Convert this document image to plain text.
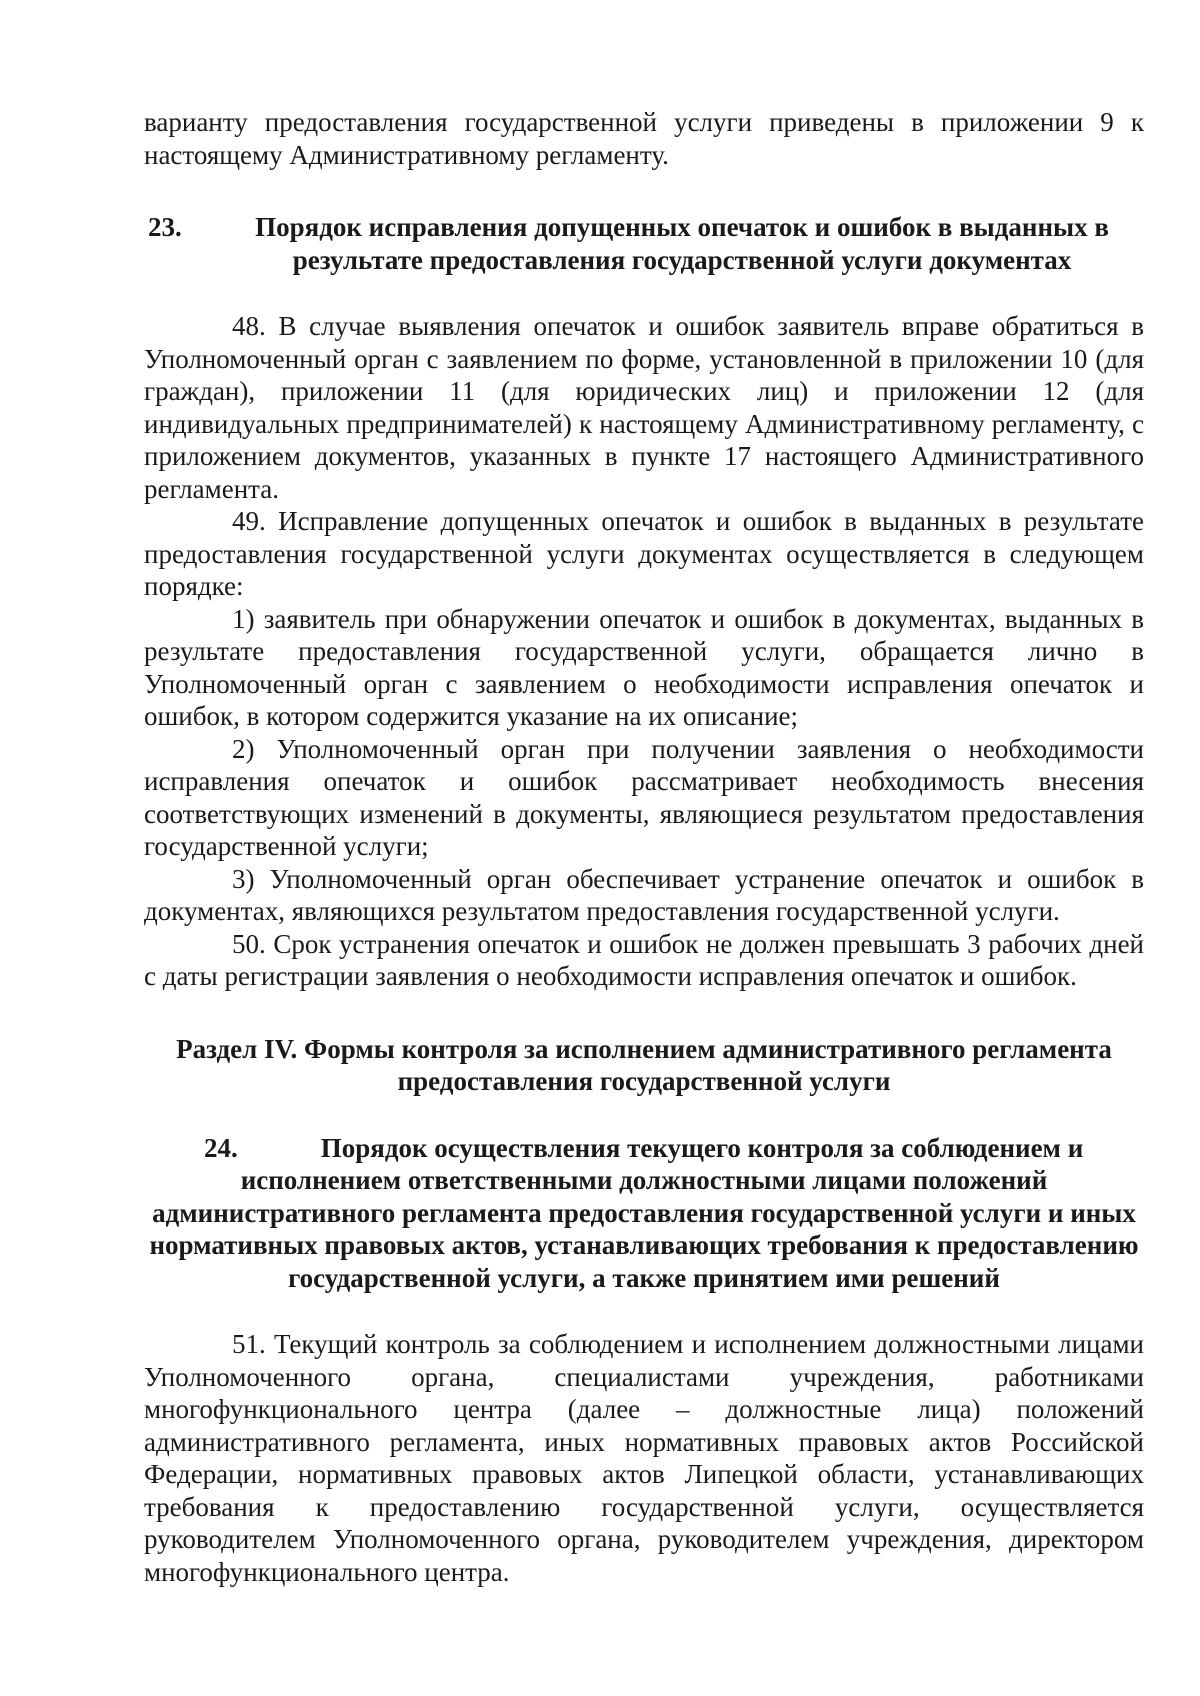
варианту предоставления государственной услуги приведены в приложении 9 к настоящему Административному регламенту.

23.	Порядок исправления допущенных опечаток и ошибок в выданных в результате предоставления государственной услуги документах

48. В случае выявления опечаток и ошибок заявитель вправе обратиться в Уполномоченный орган с заявлением по форме, установленной в приложении 10 (для граждан), приложении 11 (для юридических лиц) и приложении 12 (для индивидуальных предпринимателей) к настоящему Административному регламенту, с приложением документов, указанных в пункте 17 настоящего Административного регламента.

49. Исправление допущенных опечаток и ошибок в выданных в результате предоставления государственной услуги документах осуществляется в следующем порядке:

1) заявитель при обнаружении опечаток и ошибок в документах, выданных в результате предоставления государственной услуги, обращается лично в Уполномоченный орган с заявлением о необходимости исправления опечаток и ошибок, в котором содержится указание на их описание;

2) Уполномоченный орган при получении заявления о необходимости исправления опечаток и ошибок рассматривает необходимость внесения соответствующих изменений в документы, являющиеся результатом предоставления государственной услуги;

3) Уполномоченный орган обеспечивает устранение опечаток и ошибок в документах, являющихся результатом предоставления государственной услуги.

50. Срок устранения опечаток и ошибок не должен превышать 3 рабочих дней с даты регистрации заявления о необходимости исправления опечаток и ошибок.

Раздел IV. Формы контроля за исполнением административного регламента предоставления государственной услуги
24.	Порядок осуществления текущего контроля за соблюдением и исполнением ответственными должностными лицами положений административного регламента предоставления государственной услуги и иных нормативных правовых актов, устанавливающих требования к предоставлению государственной услуги, а также принятием ими решений

51. Текущий контроль за соблюдением и исполнением должностными лицами Уполномоченного органа, специалистами учреждения, работниками многофункционального центра (далее – должностные лица) положений административного регламента, иных нормативных правовых актов Российской Федерации, нормативных правовых актов Липецкой области, устанавливающих требования к предоставлению государственной услуги, осуществляется руководителем Уполномоченного органа, руководителем учреждения, директором многофункционального центра.
